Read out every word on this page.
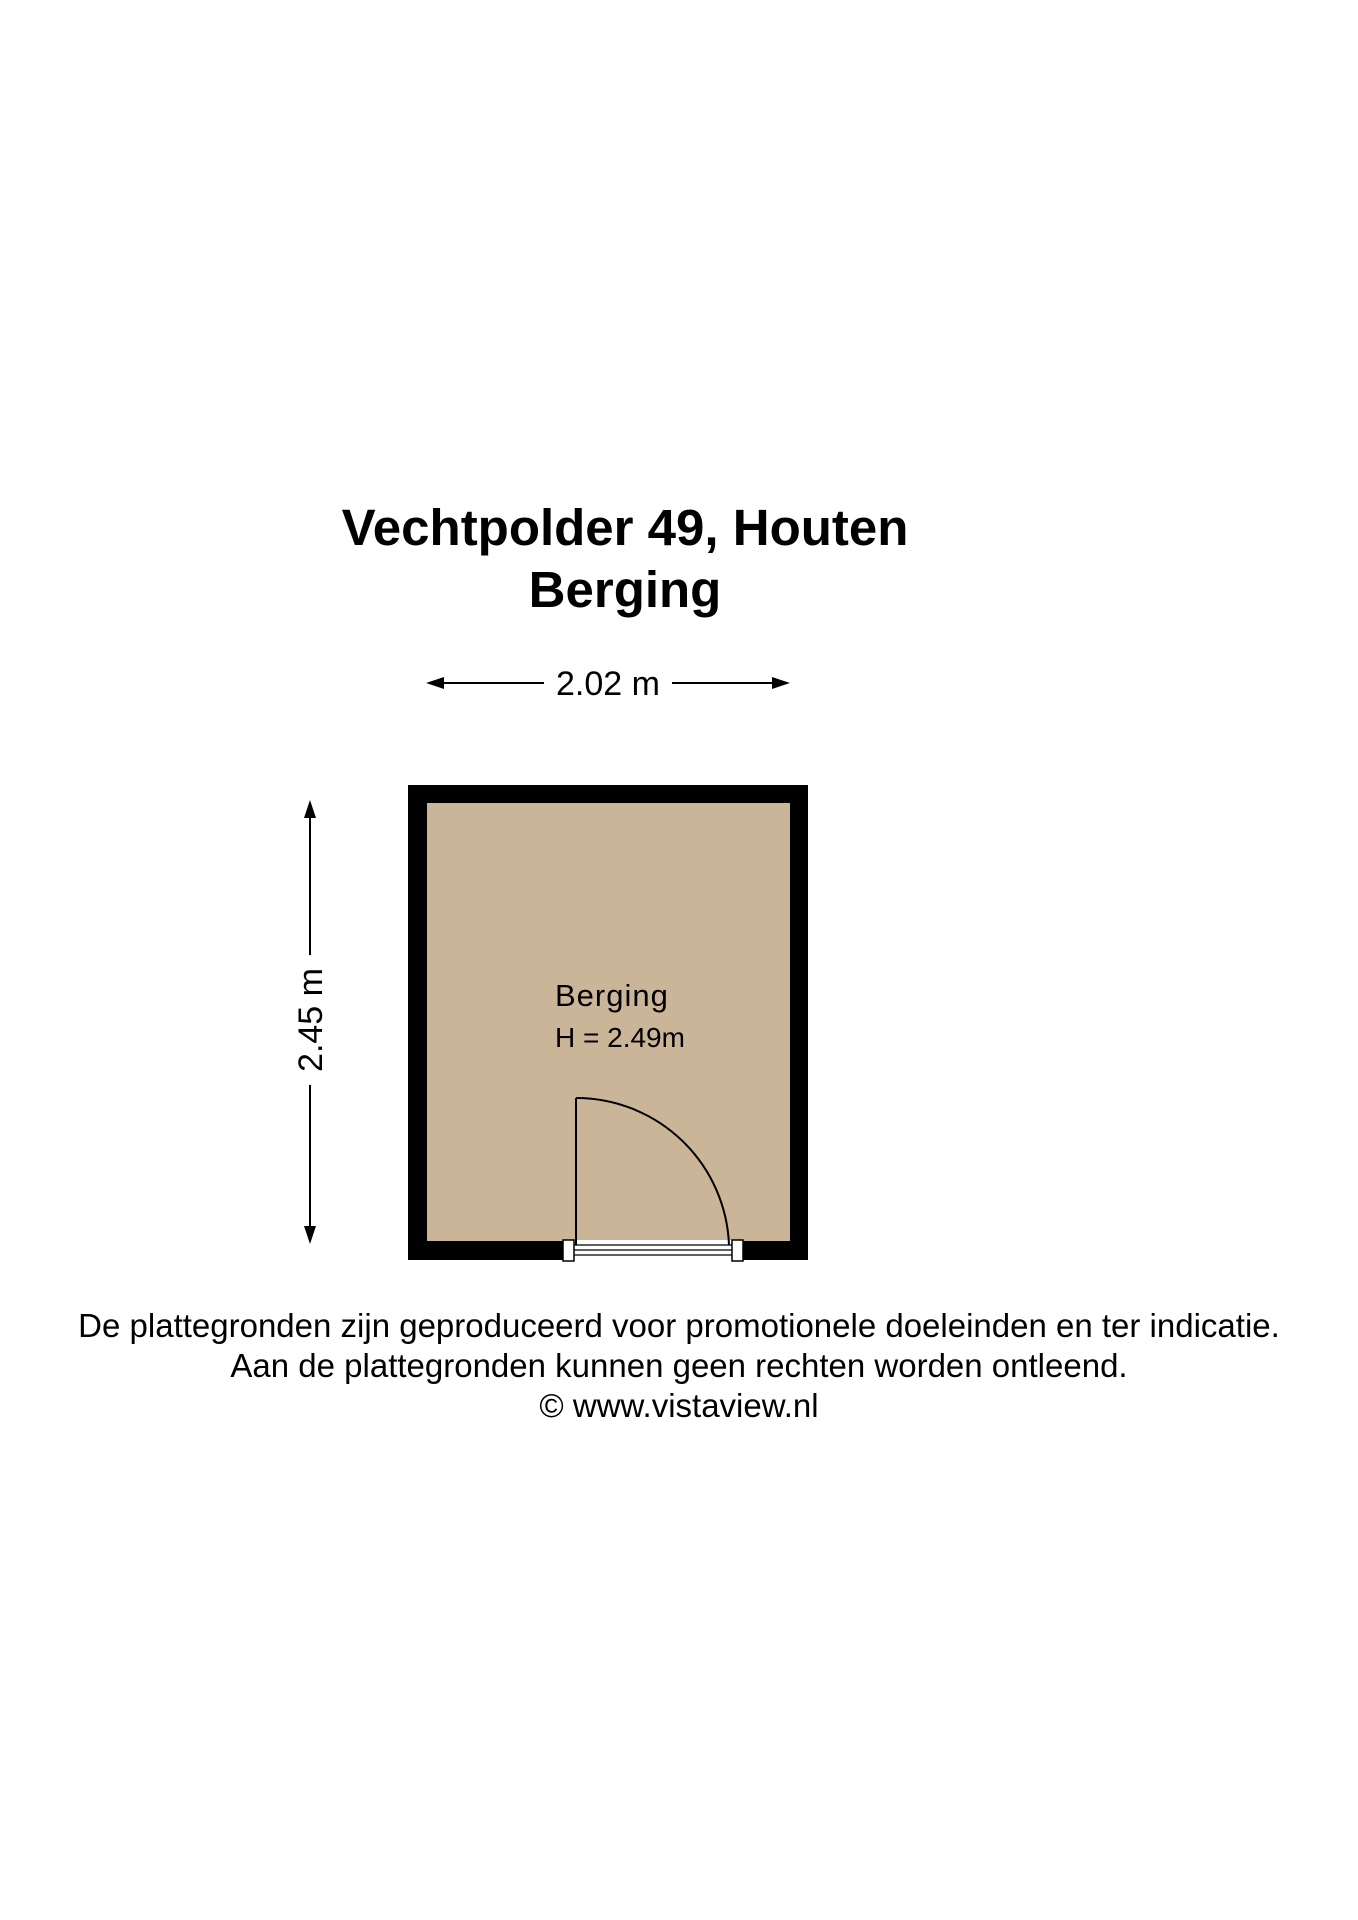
Vechtpolder 49, Houten
Berging
2.02 m
2.45 m	Berging
H = 2.49m

De plattegronden zijn geproduceerd voor promotionele doeleinden en ter indicatie.

Aan de plattegronden kunnen geen rechten worden ontleend.

© www.vistaview.nl
